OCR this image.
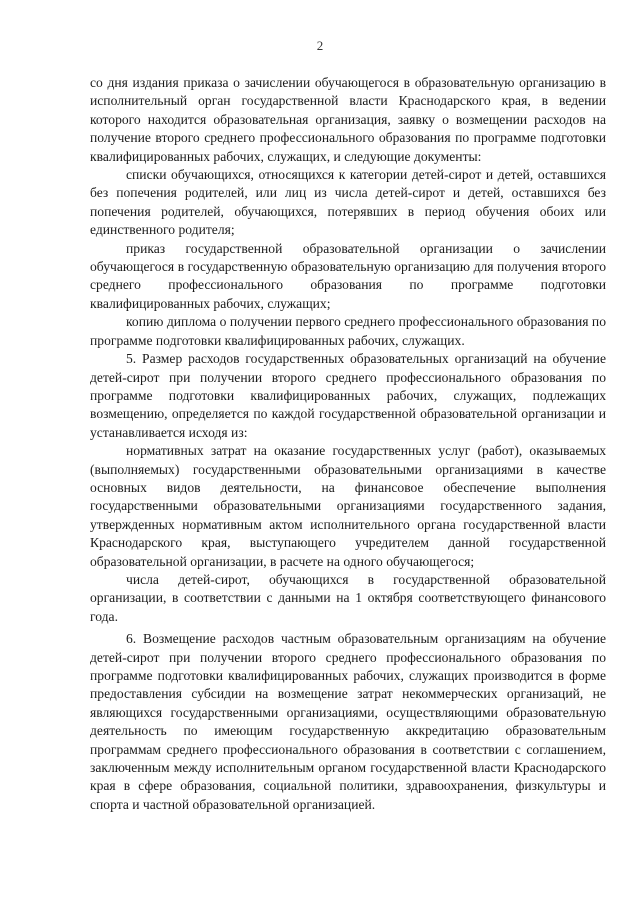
2

со дня издания приказа о зачислении обучающегося в образовательную организацию в исполнительный орган государственной власти Краснодарского края, в ведении которого находится образовательная организация, заявку о возмещении расходов на получение второго среднего профессионального образования по программе подготовки квалифицированных рабочих, служащих, и следующие документы:

списки обучающихся, относящихся к категории детей-сирот и детей, оставшихся без попечения родителей, или лиц из числа детей-сирот и детей, оставшихся без попечения родителей, обучающихся, потерявших в период обучения обоих или единственного родителя;

приказ государственной образовательной организации о зачислении обучающегося в государственную образовательную организацию для получения второго среднего профессионального образования по программе подготовки квалифицированных рабочих, служащих;

копию диплома о получении первого среднего профессионального образования по программе подготовки квалифицированных рабочих, служащих.

5. Размер расходов государственных образовательных организаций на обучение детей-сирот при получении второго среднего профессионального образования по программе подготовки квалифицированных рабочих, служащих, подлежащих возмещению, определяется по каждой государственной образовательной организации и устанавливается исходя из:

нормативных затрат на оказание государственных услуг (работ), оказываемых (выполняемых) государственными образовательными организациями в качестве основных видов деятельности, на финансовое обеспечение выполнения государственными образовательными организациями государственного задания, утвержденных нормативным актом исполнительного органа государственной власти Краснодарского края, выступающего учредителем данной государственной образовательной организации, в расчете на одного обучающегося;

числа детей-сирот, обучающихся в государственной образовательной организации, в соответствии с данными на 1 октября соответствующего финансового года.

6. Возмещение расходов частным образовательным организациям на обучение детей-сирот при получении второго среднего профессионального образования по программе подготовки квалифицированных рабочих, служащих производится в форме предоставления субсидии на возмещение затрат некоммерческих организаций, не являющихся государственными организациями, осуществляющими образовательную деятельность по имеющим государственную аккредитацию образовательным программам среднего профессионального образования в соответствии с соглашением, заключенным между исполнительным органом государственной власти Краснодарского края в сфере образования, социальной политики, здравоохранения, физкультуры и спорта и частной образовательной организацией.
